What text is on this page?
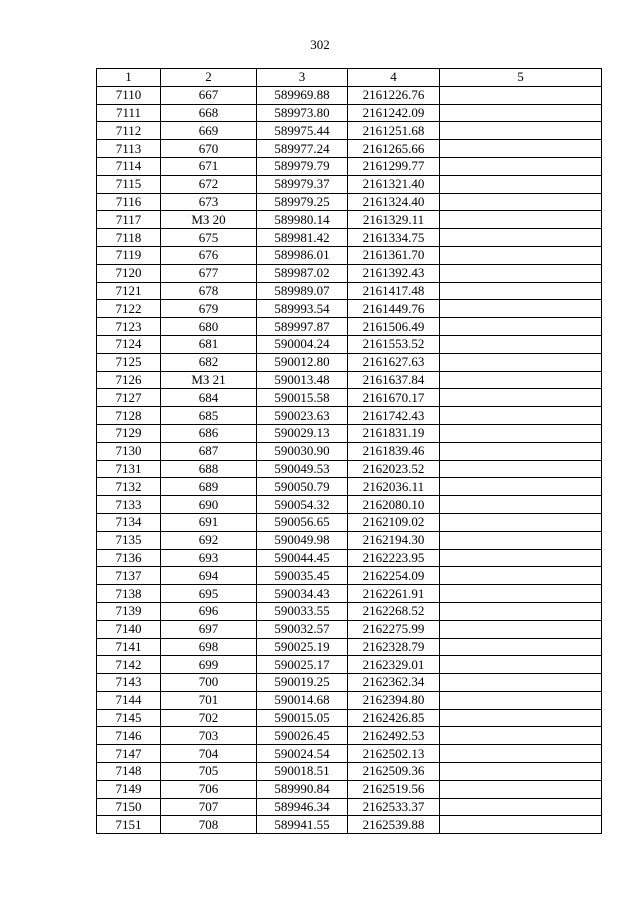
302
1	2	3	4	5
7110	667	589969.88	2161226.76	
7111	668	589973.80	2161242.09	
7112	669	589975.44	2161251.68	
7113	670	589977.24	2161265.66	
7114	671	589979.79	2161299.77	
7115	672	589979.37	2161321.40	
7116	673	589979.25	2161324.40	
7117	МЗ 20	589980.14	2161329.11	
7118	675	589981.42	2161334.75	
7119	676	589986.01	2161361.70	
7120	677	589987.02	2161392.43	
7121	678	589989.07	2161417.48	
7122	679	589993.54	2161449.76	
7123	680	589997.87	2161506.49	
7124	681	590004.24	2161553.52	
7125	682	590012.80	2161627.63	
7126	МЗ 21	590013.48	2161637.84	
7127	684	590015.58	2161670.17	
7128	685	590023.63	2161742.43	
7129	686	590029.13	2161831.19	
7130	687	590030.90	2161839.46	
7131	688	590049.53	2162023.52	
7132	689	590050.79	2162036.11	
7133	690	590054.32	2162080.10	
7134	691	590056.65	2162109.02	
7135	692	590049.98	2162194.30	
7136	693	590044.45	2162223.95	
7137	694	590035.45	2162254.09	
7138	695	590034.43	2162261.91	
7139	696	590033.55	2162268.52	
7140	697	590032.57	2162275.99	
7141	698	590025.19	2162328.79	
7142	699	590025.17	2162329.01	
7143	700	590019.25	2162362.34	
7144	701	590014.68	2162394.80	
7145	702	590015.05	2162426.85	
7146	703	590026.45	2162492.53	
7147	704	590024.54	2162502.13	
7148	705	590018.51	2162509.36	
7149	706	589990.84	2162519.56	
7150	707	589946.34	2162533.37	
7151	708	589941.55	2162539.88	
